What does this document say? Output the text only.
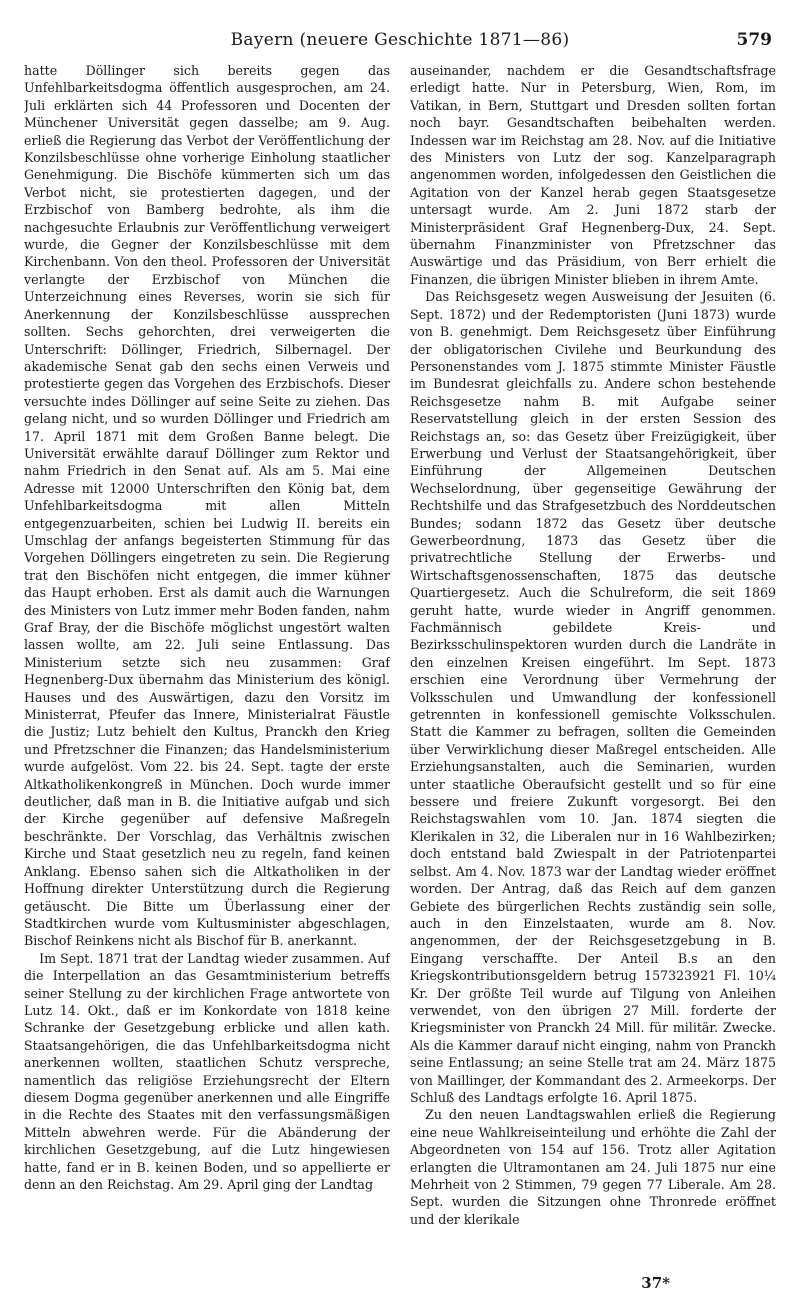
Bayern (neuere Geschichte 1871—86)	579

hatte Döllinger sich bereits gegen das Unfehlbarkeitsdogma öffentlich ausgesprochen, am 24. Juli erklärten sich 44 Professoren und Docenten der Münchener Universität gegen dasselbe; am 9. Aug. erließ die Regierung das Verbot der Veröffentlichung der Konzilsbeschlüsse ohne vorherige Einholung staatlicher Genehmigung. Die Bischöfe kümmerten sich um das Verbot nicht, sie protestierten dagegen, und der Erzbischof von Bamberg bedrohte, als ihm die nachgesuchte Erlaubnis zur Veröffentlichung verweigert wurde, die Gegner der Konzilsbeschlüsse mit dem Kirchenbann. Von den theol. Professoren der Universität verlangte der Erzbischof von München die Unterzeichnung eines Reverses, worin sie sich für Anerkennung der Konzilsbeschlüsse aussprechen sollten. Sechs gehorchten, drei verweigerten die Unterschrift: Döllinger, Friedrich, Silbernagel. Der akademische Senat gab den sechs einen Verweis und protestierte gegen das Vorgehen des Erzbischofs. Dieser versuchte indes Döllinger auf seine Seite zu ziehen. Das gelang nicht, und so wurden Döllinger und Friedrich am 17. April 1871 mit dem Großen Banne belegt. Die Universität erwählte darauf Döllinger zum Rektor und nahm Friedrich in den Senat auf. Als am 5. Mai eine Adresse mit 12000 Unterschriften den König bat, dem Unfehlbarkeitsdogma mit allen Mitteln entgegenzuarbeiten, schien bei Ludwig II. bereits ein Umschlag der anfangs begeisterten Stimmung für das Vorgehen Döllingers eingetreten zu sein. Die Regierung trat den Bischöfen nicht entgegen, die immer kühner das Haupt erhoben. Erst als damit auch die Warnungen des Ministers von Lutz immer mehr Boden fanden, nahm Graf Bray, der die Bischöfe möglichst ungestört walten lassen wollte, am 22. Juli seine Entlassung. Das Ministerium setzte sich neu zusammen: Graf Hegnenberg-Dux übernahm das Ministerium des königl. Hauses und des Auswärtigen, dazu den Vorsitz im Ministerrat, Pfeufer das Innere, Ministerialrat Fäustle die Justiz; Lutz behielt den Kultus, Pranckh den Krieg und Pfretzschner die Finanzen; das Handelsministerium wurde aufgelöst. Vom 22. bis 24. Sept. tagte der erste Altkatholikenkongreß in München. Doch wurde immer deutlicher, daß man in B. die Initiative aufgab und sich der Kirche gegenüber auf defensive Maßregeln beschränkte. Der Vorschlag, das Verhältnis zwischen Kirche und Staat gesetzlich neu zu regeln, fand keinen Anklang. Ebenso sahen sich die Altkatholiken in der Hoffnung direkter Unterstützung durch die Regierung getäuscht. Die Bitte um Überlassung einer der Stadtkirchen wurde vom Kultusminister abgeschlagen, Bischof Reinkens nicht als Bischof für B. anerkannt.

Im Sept. 1871 trat der Landtag wieder zusammen. Auf die Interpellation an das Gesamtministerium betreffs seiner Stellung zu der kirchlichen Frage antwortete von Lutz 14. Okt., daß er im Konkordate von 1818 keine Schranke der Gesetzgebung erblicke und allen kath. Staatsangehörigen, die das Unfehlbarkeitsdogma nicht anerkennen wollten, staatlichen Schutz verspreche, namentlich das religiöse Erziehungsrecht der Eltern diesem Dogma gegenüber anerkennen und alle Eingriffe in die Rechte des Staates mit den verfassungsmäßigen Mitteln abwehren werde. Für die Abänderung der kirchlichen Gesetzgebung, auf die Lutz hingewiesen hatte, fand er in B. keinen Boden, und so appellierte er denn an den Reichstag. Am 29. April ging der Landtag

auseinander, nachdem er die Gesandtschaftsfrage erledigt hatte. Nur in Petersburg, Wien, Rom, im Vatikan, in Bern, Stuttgart und Dresden sollten fortan noch bayr. Gesandtschaften beibehalten werden. Indessen war im Reichstag am 28. Nov. auf die Initiative des Ministers von Lutz der sog. Kanzelparagraph angenommen worden, infolgedessen den Geistlichen die Agitation von der Kanzel herab gegen Staatsgesetze untersagt wurde. Am 2. Juni 1872 starb der Ministerpräsident Graf Hegnenberg-Dux, 24. Sept. übernahm Finanzminister von Pfretzschner das Auswärtige und das Präsidium, von Berr erhielt die Finanzen, die übrigen Minister blieben in ihrem Amte.

Das Reichsgesetz wegen Ausweisung der Jesuiten (6. Sept. 1872) und der Redemptoristen (Juni 1873) wurde von B. genehmigt. Dem Reichsgesetz über Einführung der obligatorischen Civilehe und Beurkundung des Personenstandes vom J. 1875 stimmte Minister Fäustle im Bundesrat gleichfalls zu. Andere schon bestehende Reichsgesetze nahm B. mit Aufgabe seiner Reservatstellung gleich in der ersten Session des Reichstags an, so: das Gesetz über Freizügigkeit, über Erwerbung und Verlust der Staatsangehörigkeit, über Einführung der Allgemeinen Deutschen Wechselordnung, über gegenseitige Gewährung der Rechtshilfe und das Strafgesetzbuch des Norddeutschen Bundes; sodann 1872 das Gesetz über deutsche Gewerbeordnung, 1873 das Gesetz über die privatrechtliche Stellung der Erwerbs- und Wirtschaftsgenossenschaften, 1875 das deutsche Quartiergesetz. Auch die Schulreform, die seit 1869 geruht hatte, wurde wieder in Angriff genommen. Fachmännisch gebildete Kreis- und Bezirksschulinspektoren wurden durch die Landräte in den einzelnen Kreisen eingeführt. Im Sept. 1873 erschien eine Verordnung über Vermehrung der Volksschulen und Umwandlung der konfessionell getrennten in konfessionell gemischte Volksschulen. Statt die Kammer zu befragen, sollten die Gemeinden über Verwirklichung dieser Maßregel entscheiden. Alle Erziehungsanstalten, auch die Seminarien, wurden unter staatliche Oberaufsicht gestellt und so für eine bessere und freiere Zukunft vorgesorgt. Bei den Reichstagswahlen vom 10. Jan. 1874 siegten die Klerikalen in 32, die Liberalen nur in 16 Wahlbezirken; doch entstand bald Zwiespalt in der Patriotenpartei selbst. Am 4. Nov. 1873 war der Landtag wieder eröffnet worden. Der Antrag, daß das Reich auf dem ganzen Gebiete des bürgerlichen Rechts zuständig sein solle, auch in den Einzelstaaten, wurde am 8. Nov. angenommen, der der Reichsgesetzgebung in B. Eingang verschaffte. Der Anteil B.s an den Kriegskontributionsgeldern betrug 157323921 Fl. 10¼ Kr. Der größte Teil wurde auf Tilgung von Anleihen verwendet, von den übrigen 27 Mill. forderte der Kriegsminister von Pranckh 24 Mill. für militär. Zwecke. Als die Kammer darauf nicht einging, nahm von Pranckh seine Entlassung; an seine Stelle trat am 24. März 1875 von Maillinger, der Kommandant des 2. Armeekorps. Der Schluß des Landtags erfolgte 16. April 1875.

Zu den neuen Landtagswahlen erließ die Regierung eine neue Wahlkreiseinteilung und erhöhte die Zahl der Abgeordneten von 154 auf 156. Trotz aller Agitation erlangten die Ultramontanen am 24. Juli 1875 nur eine Mehrheit von 2 Stimmen, 79 gegen 77 Liberale. Am 28. Sept. wurden die Sitzungen ohne Thronrede eröffnet und der klerikale

37*
